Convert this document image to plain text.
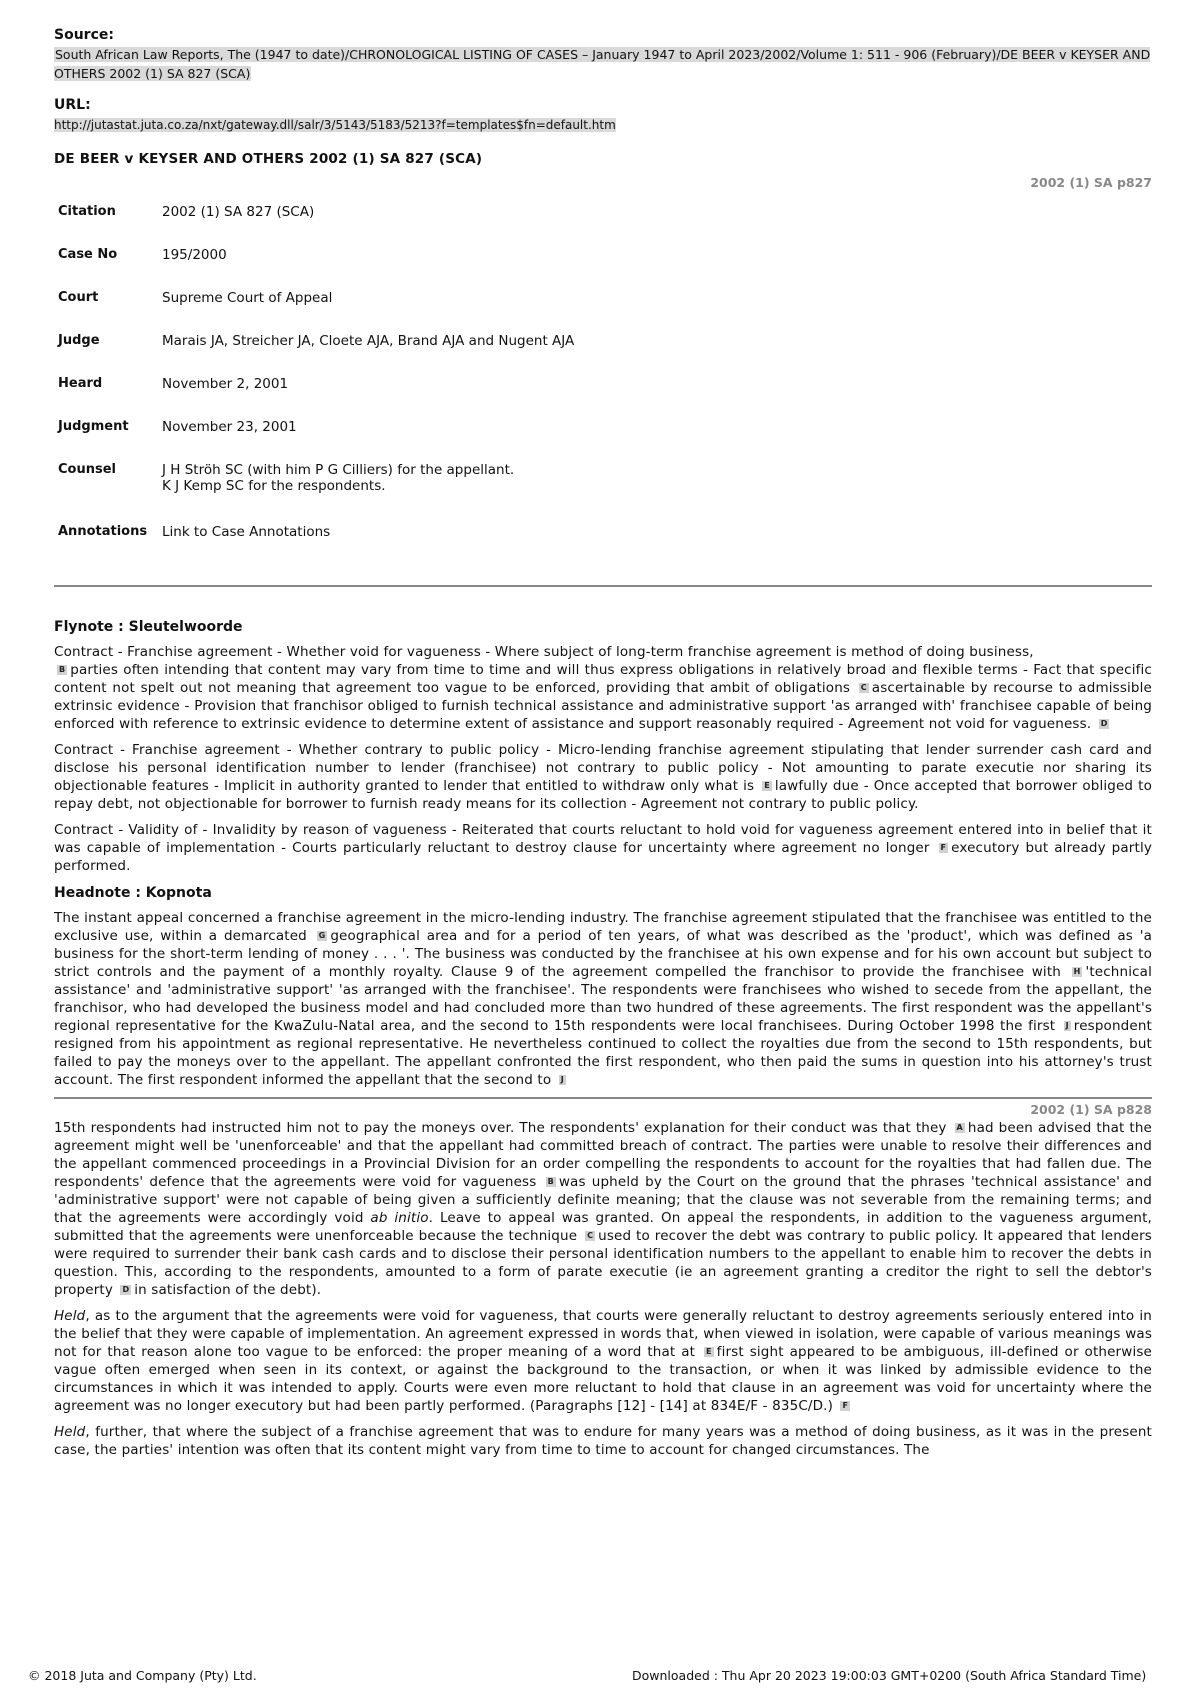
Source:

South African Law Reports, The (1947 to date)/CHRONOLOGICAL LISTING OF CASES – January 1947 to April 2023/2002/Volume 1: 511 - 906 (February)/DE BEER v KEYSER AND OTHERS 2002 (1) SA 827 (SCA)

URL:

http://jutastat.juta.co.za/nxt/gateway.dll/salr/3/5143/5183/5213?f=templates$fn=default.htm

DE BEER v KEYSER AND OTHERS 2002 (1) SA 827 (SCA)

2002 (1) SA p827
Citation	2002 (1) SA 827 (SCA)
Case No	195/2000
Court	Supreme Court of Appeal
Judge	Marais JA, Streicher JA, Cloete AJA, Brand AJA and Nugent AJA
Heard	November 2, 2001
Judgment	November 23, 2001
Counsel	J H Ströh SC (with him P G Cilliers) for the appellant.
K J Kemp SC for the respondents.

Annotations	Link to Case Annotations

Flynote : Sleutelwoorde

Contract - Franchise agreement - Whether void for vagueness - Where subject of long-term franchise agreement is method of doing business,
B parties often intending that content may vary from time to time and will thus express obligations in relatively broad and flexible terms - Fact that specific content not spelt out not meaning that agreement too vague to be enforced, providing that ambit of obligations C ascertainable by recourse to admissible extrinsic evidence - Provision that franchisor obliged to furnish technical assistance and administrative support 'as arranged with' franchisee capable of being enforced with reference to extrinsic evidence to determine extent of assistance and support reasonably required - Agreement not void for vagueness. D

Contract - Franchise agreement - Whether contrary to public policy - Micro-lending franchise agreement stipulating that lender surrender cash card and disclose his personal identification number to lender (franchisee) not contrary to public policy - Not amounting to parate executie nor sharing its objectionable features - Implicit in authority granted to lender that entitled to withdraw only what is E lawfully due - Once accepted that borrower obliged to repay debt, not objectionable for borrower to furnish ready means for its collection - Agreement not contrary to public policy.

Contract - Validity of - Invalidity by reason of vagueness - Reiterated that courts reluctant to hold void for vagueness agreement entered into in belief that it was capable of implementation - Courts particularly reluctant to destroy clause for uncertainty where agreement no longer F executory but already partly performed.

Headnote : Kopnota

The instant appeal concerned a franchise agreement in the micro-lending industry. The franchise agreement stipulated that the franchisee was entitled to the exclusive use, within a demarcated G geographical area and for a period of ten years, of what was described as the 'product', which was defined as 'a business for the short-term lending of money . . . '. The business was conducted by the franchisee at his own expense and for his own account but subject to strict controls and the payment of a monthly royalty. Clause 9 of the agreement compelled the franchisor to provide the franchisee with H 'technical assistance' and 'administrative support' 'as arranged with the franchisee'. The respondents were franchisees who wished to secede from the appellant, the franchisor, who had developed the business model and had concluded more than two hundred of these agreements. The first respondent was the appellant's regional representative for the KwaZulu-Natal area, and the second to 15th respondents were local franchisees. During October 1998 the first J respondent resigned from his appointment as regional representative. He nevertheless continued to collect the royalties due from the second to 15th respondents, but failed to pay the moneys over to the appellant. The appellant confronted the first respondent, who then paid the sums in question into his attorney's trust account. The first respondent informed the appellant that the second to J

2002 (1) SA p828

15th respondents had instructed him not to pay the moneys over. The respondents' explanation for their conduct was that they A had been advised that the agreement might well be 'unenforceable' and that the appellant had committed breach of contract. The parties were unable to resolve their differences and the appellant commenced proceedings in a Provincial Division for an order compelling the respondents to account for the royalties that had fallen due. The respondents' defence that the agreements were void for vagueness B was upheld by the Court on the ground that the phrases 'technical assistance' and 'administrative support' were not capable of being given a sufficiently definite meaning; that the clause was not severable from the remaining terms; and that the agreements were accordingly void ab initio. Leave to appeal was granted. On appeal the respondents, in addition to the vagueness argument, submitted that the agreements were unenforceable because the technique C used to recover the debt was contrary to public policy. It appeared that lenders were required to surrender their bank cash cards and to disclose their personal identification numbers to the appellant to enable him to recover the debts in question. This, according to the respondents, amounted to a form of parate executie (ie an agreement granting a creditor the right to sell the debtor's property D in satisfaction of the debt).

Held, as to the argument that the agreements were void for vagueness, that courts were generally reluctant to destroy agreements seriously entered into in the belief that they were capable of implementation. An agreement expressed in words that, when viewed in isolation, were capable of various meanings was not for that reason alone too vague to be enforced: the proper meaning of a word that at E first sight appeared to be ambiguous, ill-defined or otherwise vague often emerged when seen in its context, or against the background to the transaction, or when it was linked by admissible evidence to the circumstances in which it was intended to apply. Courts were even more reluctant to hold that clause in an agreement was void for uncertainty where the agreement was no longer executory but had been partly performed. (Paragraphs [12] - [14] at 834E/F - 835C/D.) F

Held, further, that where the subject of a franchise agreement that was to endure for many years was a method of doing business, as it was in the present case, the parties' intention was often that its content might vary from time to time to account for changed circumstances. The

© 2018 Juta and Company (Pty) Ltd.	Downloaded : Thu Apr 20 2023 19:00:03 GMT+0200 (South Africa Standard Time)
